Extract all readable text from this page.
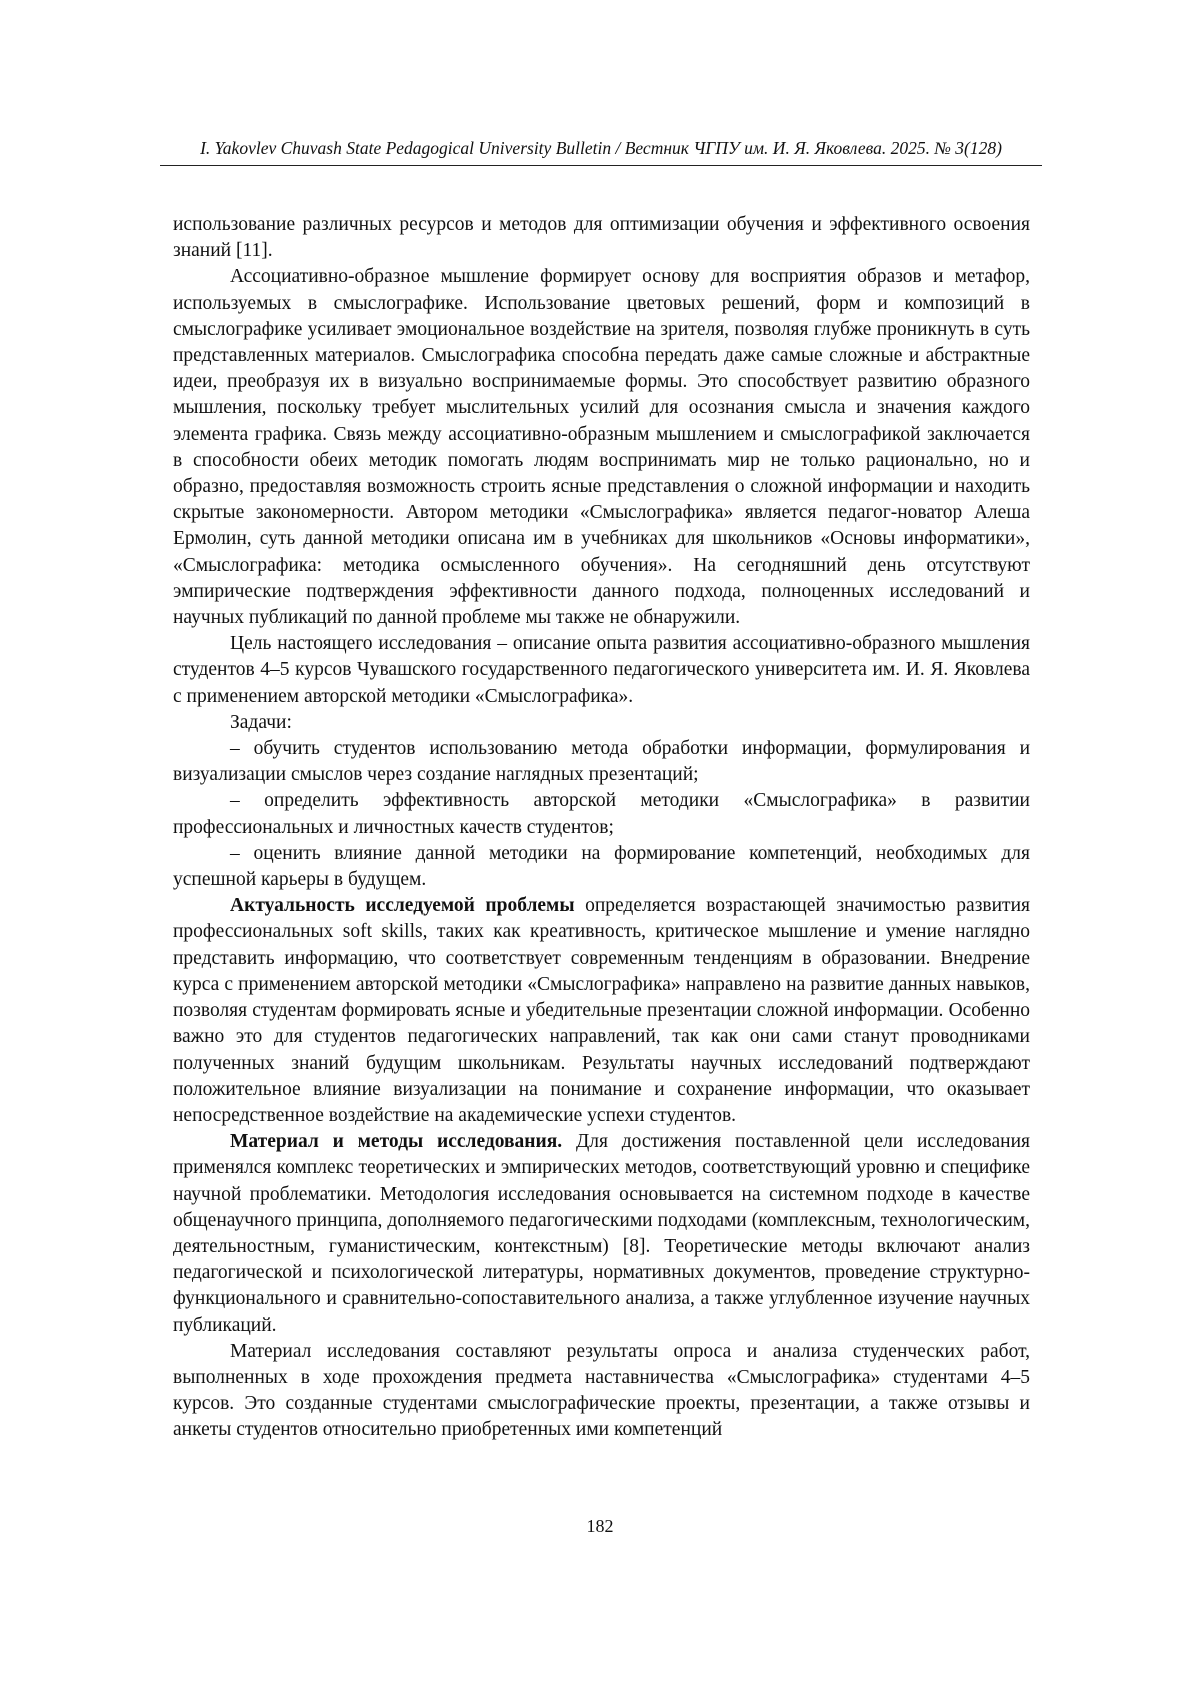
I. Yakovlev Chuvash State Pedagogical University Bulletin / Вестник ЧГПУ им. И. Я. Яковлева. 2025. № 3(128)

использование различных ресурсов и методов для оптимизации обучения и эффективного освоения знаний [11].

Ассоциативно-образное мышление формирует основу для восприятия образов и метафор, используемых в смыслографике. Использование цветовых решений, форм и композиций в смыслографике усиливает эмоциональное воздействие на зрителя, позволяя глубже проникнуть в суть представленных материалов. Смыслографика способна передать даже самые сложные и абстрактные идеи, преобразуя их в визуально воспринимаемые формы. Это способствует развитию образного мышления, поскольку требует мыслительных усилий для осознания смысла и значения каждого элемента графика. Связь между ассоциативно-образным мышлением и смыслографикой заключается в способности обеих методик помогать людям воспринимать мир не только рационально, но и образно, предоставляя возможность строить ясные представления о сложной информации и находить скрытые закономерности. Автором методики «Смыслографика» является педагог-новатор Алеша Ермолин, суть данной методики описана им в учебниках для школьников «Основы информатики», «Смыслографика: методика осмысленного обучения». На сегодняшний день отсутствуют эмпирические подтверждения эффективности данного подхода, полноценных исследований и научных публикаций по данной проблеме мы также не обнаружили.

Цель настоящего исследования – описание опыта развития ассоциативно-образного мышления студентов 4–5 курсов Чувашского государственного педагогического университета им. И. Я. Яковлева с применением авторской методики «Смыслографика».

Задачи:

– обучить студентов использованию метода обработки информации, формулирования и визуализации смыслов через создание наглядных презентаций;

– определить эффективность авторской методики «Смыслографика» в развитии профессиональных и личностных качеств студентов;

– оценить влияние данной методики на формирование компетенций, необходимых для успешной карьеры в будущем.

Актуальность исследуемой проблемы определяется возрастающей значимостью развития профессиональных soft skills, таких как креативность, критическое мышление и умение наглядно представить информацию, что соответствует современным тенденциям в образовании. Внедрение курса с применением авторской методики «Смыслографика» направлено на развитие данных навыков, позволяя студентам формировать ясные и убедительные презентации сложной информации. Особенно важно это для студентов педагогических направлений, так как они сами станут проводниками полученных знаний будущим школьникам. Результаты научных исследований подтверждают положительное влияние визуализации на понимание и сохранение информации, что оказывает непосредственное воздействие на академические успехи студентов.

Материал и методы исследования. Для достижения поставленной цели исследования применялся комплекс теоретических и эмпирических методов, соответствующий уровню и специфике научной проблематики. Методология исследования основывается на системном подходе в качестве общенаучного принципа, дополняемого педагогическими подходами (комплексным, технологическим, деятельностным, гуманистическим, контекстным) [8]. Теоретические методы включают анализ педагогической и психологической литературы, нормативных документов, проведение структурно-функционального и сравнительно-сопоставительного анализа, а также углубленное изучение научных публикаций.

Материал исследования составляют результаты опроса и анализа студенческих работ, выполненных в ходе прохождения предмета наставничества «Смыслографика» студентами 4–5 курсов. Это созданные студентами смыслографические проекты, презентации, а также отзывы и анкеты студентов относительно приобретенных ими компетенций

182
